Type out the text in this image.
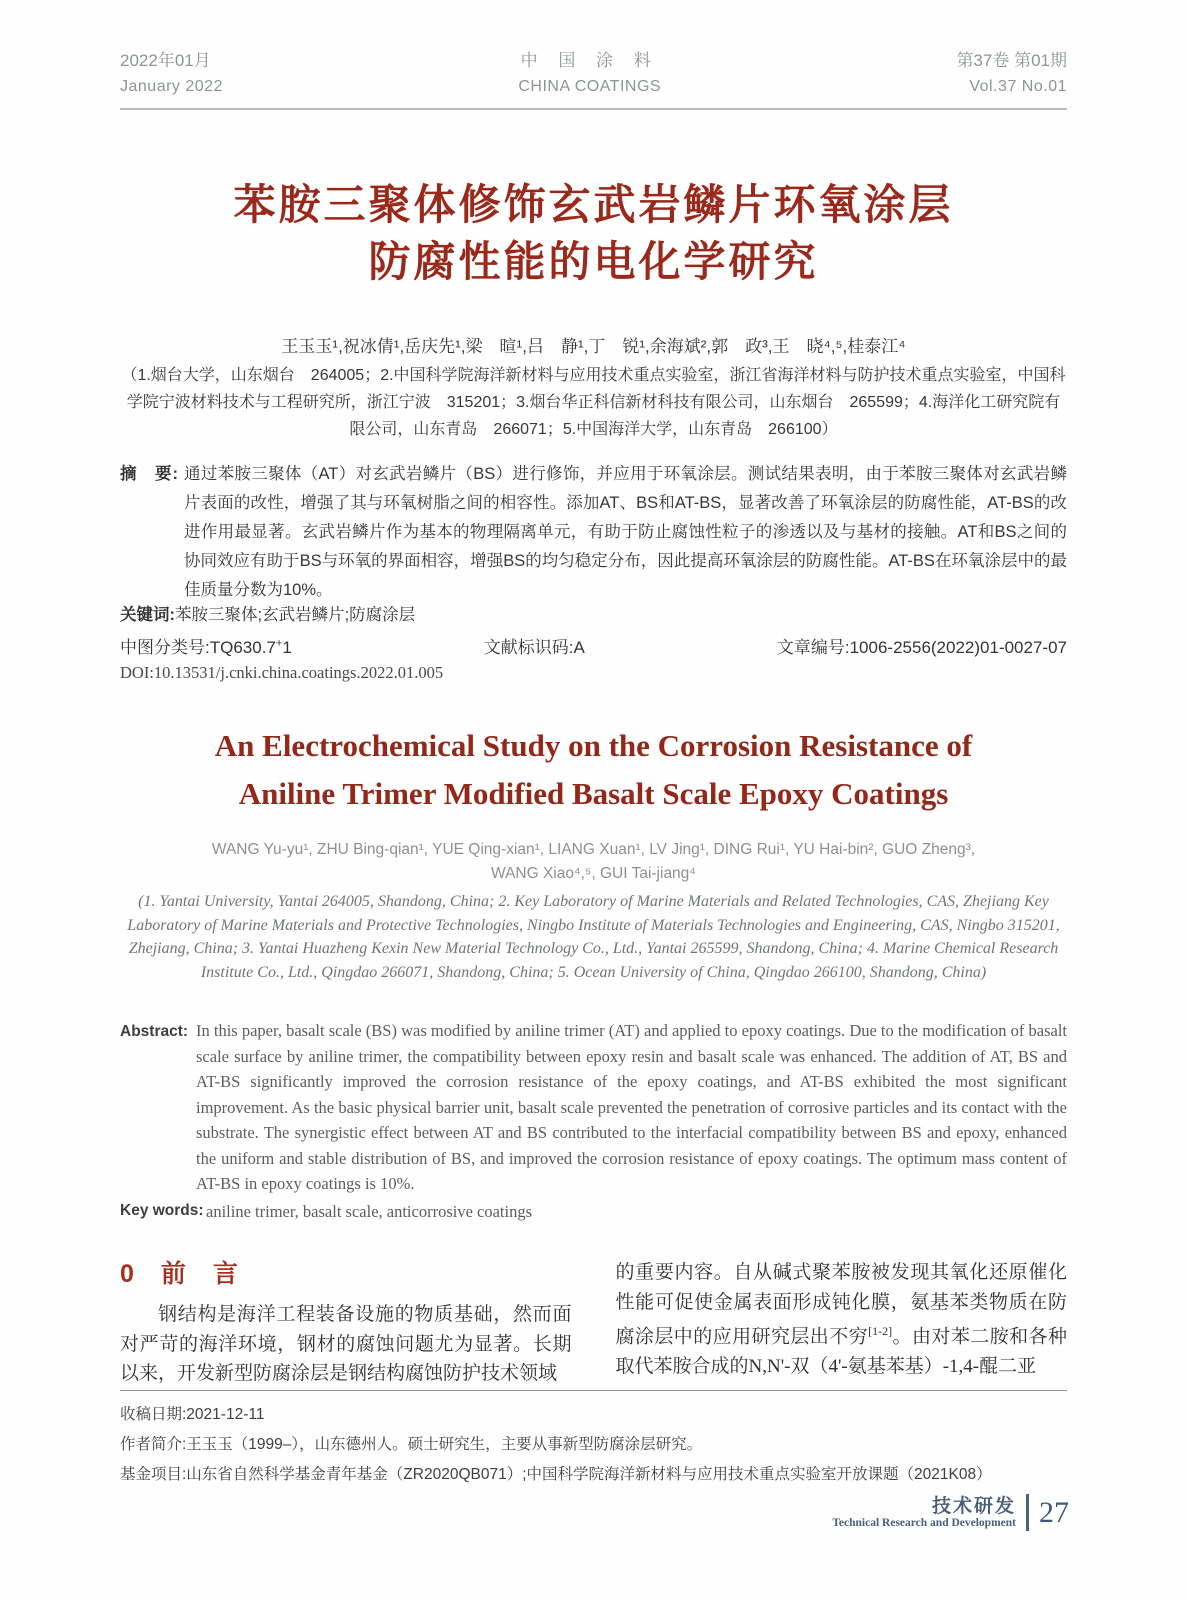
2022年01月
January 2022
中 国 涂 料
CHINA COATINGS
第37卷 第01期
Vol.37 No.01
苯胺三聚体修饰玄武岩鳞片环氧涂层
防腐性能的电化学研究
王玉玉¹,祝冰倩¹,岳庆先¹,梁　暄¹,吕　静¹,丁　锐¹,余海斌²,郭　政³,王　晓⁴,⁵,桂泰江⁴
（1.烟台大学，山东烟台　264005；2.中国科学院海洋新材料与应用技术重点实验室，浙江省海洋材料与防护技术重点实验室，中国科学院宁波材料技术与工程研究所，浙江宁波　315201；3.烟台华正科信新材科技有限公司，山东烟台　265599；4.海洋化工研究院有限公司，山东青岛　266071；5.中国海洋大学，山东青岛　266100）
摘　要: 通过苯胺三聚体（AT）对玄武岩鳞片（BS）进行修饰，并应用于环氧涂层。测试结果表明，由于苯胺三聚体对玄武岩鳞片表面的改性，增强了其与环氧树脂之间的相容性。添加AT、BS和AT-BS，显著改善了环氧涂层的防腐性能，AT-BS的改进作用最显著。玄武岩鳞片作为基本的物理隔离单元，有助于防止腐蚀性粒子的渗透以及与基材的接触。AT和BS之间的协同效应有助于BS与环氧的界面相容，增强BS的均匀稳定分布，因此提高环氧涂层的防腐性能。AT-BS在环氧涂层中的最佳质量分数为10%。
关键词: 苯胺三聚体;玄武岩鳞片;防腐涂层
中图分类号:TQ630.7+1	文献标识码:A	文章编号:1006-2556(2022)01-0027-07
DOI:10.13531/j.cnki.china.coatings.2022.01.005
An Electrochemical Study on the Corrosion Resistance of
Aniline Trimer Modified Basalt Scale Epoxy Coatings
WANG Yu-yu¹, ZHU Bing-qian¹, YUE Qing-xian¹, LIANG Xuan¹, LV Jing¹, DING Rui¹, YU Hai-bin², GUO Zheng³,
WANG Xiao⁴,⁵, GUI Tai-jiang⁴
(1. Yantai University, Yantai 264005, Shandong, China; 2. Key Laboratory of Marine Materials and Related Technologies, CAS, Zhejiang Key Laboratory of Marine Materials and Protective Technologies, Ningbo Institute of Materials Technologies and Engineering, CAS, Ningbo 315201, Zhejiang, China; 3. Yantai Huazheng Kexin New Material Technology Co., Ltd., Yantai 265599, Shandong, China; 4. Marine Chemical Research Institute Co., Ltd., Qingdao 266071, Shandong, China; 5. Ocean University of China, Qingdao 266100, Shandong, China)
Abstract: In this paper, basalt scale (BS) was modified by aniline trimer (AT) and applied to epoxy coatings. Due to the modification of basalt scale surface by aniline trimer, the compatibility between epoxy resin and basalt scale was enhanced. The addition of AT, BS and AT-BS significantly improved the corrosion resistance of the epoxy coatings, and AT-BS exhibited the most significant improvement. As the basic physical barrier unit, basalt scale prevented the penetration of corrosive particles and its contact with the substrate. The synergistic effect between AT and BS contributed to the interfacial compatibility between BS and epoxy, enhanced the uniform and stable distribution of BS, and improved the corrosion resistance of epoxy coatings. The optimum mass content of AT-BS in epoxy coatings is 10%.
Key words: aniline trimer, basalt scale, anticorrosive coatings
0 前　言

钢结构是海洋工程装备设施的物质基础，然而面对严苛的海洋环境，钢材的腐蚀问题尤为显著。长期以来，开发新型防腐涂层是钢结构腐蚀防护技术领域

的重要内容。自从碱式聚苯胺被发现其氧化还原催化性能可促使金属表面形成钝化膜，氨基苯类物质在防腐涂层中的应用研究层出不穷[1-2]。由对苯二胺和各种取代苯胺合成的N,N'-双（4'-氨基苯基）-1,4-醌二亚

收稿日期:2021-12-11
作者简介:王玉玉（1999–），山东德州人。硕士研究生，主要从事新型防腐涂层研究。
基金项目:山东省自然科学基金青年基金（ZR2020QB071）;中国科学院海洋新材料与应用技术重点实验室开放课题（2021K08）
技术研发
Technical Research and Development 27
